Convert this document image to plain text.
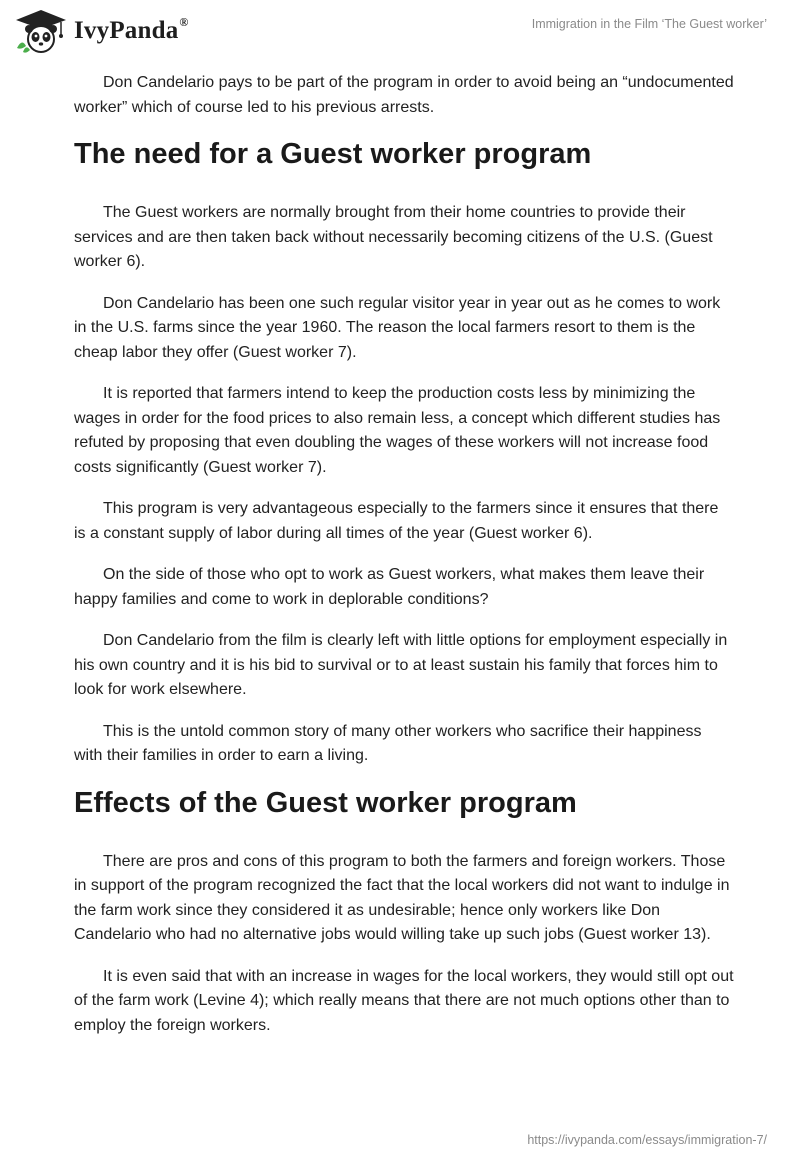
IvyPanda®	Immigration in the Film ‘The Guest worker’

Don Candelario pays to be part of the program in order to avoid being an “undocumented worker” which of course led to his previous arrests.

The need for a Guest worker program

The Guest workers are normally brought from their home countries to provide their services and are then taken back without necessarily becoming citizens of the U.S. (Guest worker 6).

Don Candelario has been one such regular visitor year in year out as he comes to work in the U.S. farms since the year 1960. The reason the local farmers resort to them is the cheap labor they offer (Guest worker 7).

It is reported that farmers intend to keep the production costs less by minimizing the wages in order for the food prices to also remain less, a concept which different studies has refuted by proposing that even doubling the wages of these workers will not increase food costs significantly (Guest worker 7).

This program is very advantageous especially to the farmers since it ensures that there is a constant supply of labor during all times of the year (Guest worker 6).

On the side of those who opt to work as Guest workers, what makes them leave their happy families and come to work in deplorable conditions?

Don Candelario from the film is clearly left with little options for employment especially in his own country and it is his bid to survival or to at least sustain his family that forces him to look for work elsewhere.

This is the untold common story of many other workers who sacrifice their happiness with their families in order to earn a living.

Effects of the Guest worker program

There are pros and cons of this program to both the farmers and foreign workers. Those in support of the program recognized the fact that the local workers did not want to indulge in the farm work since they considered it as undesirable; hence only workers like Don Candelario who had no alternative jobs would willing take up such jobs (Guest worker 13).

It is even said that with an increase in wages for the local workers, they would still opt out of the farm work (Levine 4); which really means that there are not much options other than to employ the foreign workers.

https://ivypanda.com/essays/immigration-7/
